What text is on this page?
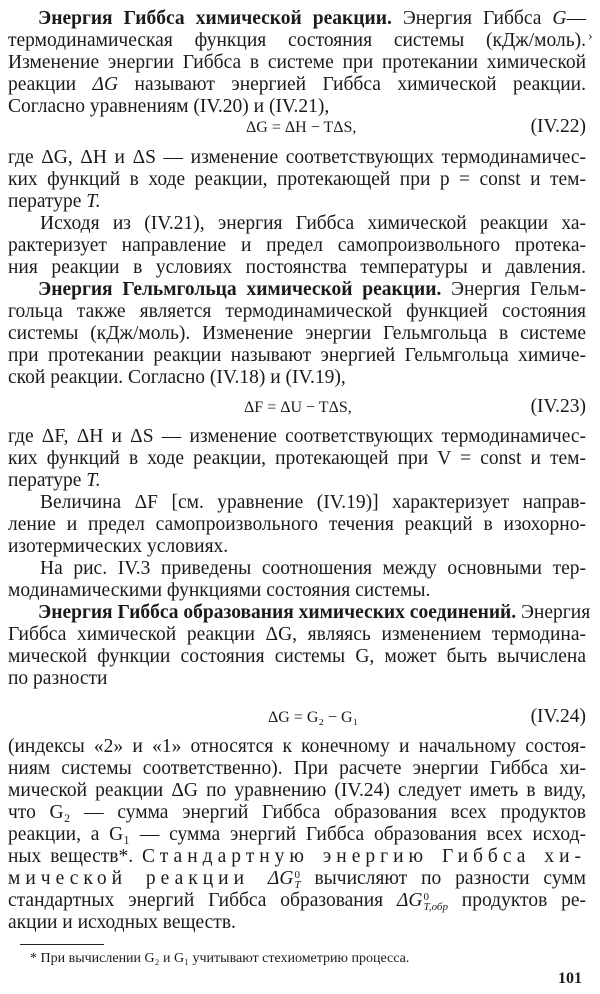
›
Энергия Гиббса химической реакции. Энергия Гиббса G—
термодинамическая функция состояния системы (кДж/моль).
Изменение энергии Гиббса в системе при протекании химической
реакции ΔG называют энергией Гиббса химической реакции.
Согласно уравнениям (IV.20) и (IV.21),
ΔG = ΔH − TΔS,	(IV.22)
где ΔG, ΔH и ΔS — изменение соответствующих термодинамичес-
ких функций в ходе реакции, протекающей при p = const и тем-
пературе T.
Исходя из (IV.21), энергия Гиббса химической реакции ха-
рактеризует направление и предел самопроизвольного протека-
ния реакции в условиях постоянства температуры и давления.
Энергия Гельмгольца химической реакции. Энергия Гельм-
гольца также является термодинамической функцией состояния
системы (кДж/моль). Изменение энергии Гельмгольца в системе
при протекании реакции называют энергией Гельмгольца химиче-
ской реакции. Согласно (IV.18) и (IV.19),
ΔF = ΔU − TΔS,	(IV.23)
где ΔF, ΔH и ΔS — изменение соответствующих термодинамичес-
ких функций в ходе реакции, протекающей при V = const и тем-
пературе T.
Величина ΔF [см. уравнение (IV.19)] характеризует направ-
ление и предел самопроизвольного течения реакций в изохорно-
изотермических условиях.
На рис. IV.3 приведены соотношения между основными тер-
модинамическими функциями состояния системы.
Энергия Гиббса образования химических соединений. Энергия
Гиббса химической реакции ΔG, являясь изменением термодина-
мической функции состояния системы G, может быть вычислена
по разности
ΔG = G₂ − G₁	(IV.24)
(индексы «2» и «1» относятся к конечному и начальному состоя-
ниям системы соответственно). При расчете энергии Гиббса хи-
мической реакции ΔG по уравнению (IV.24) следует иметь в виду,
что G₂ — сумма энергий Гиббса образования всех продуктов
реакции, а G₁ — сумма энергий Гиббса образования всех исход-
ных веществ*. Стандартную энергию Гиббса хи-
мической реакции ΔG 0
T вычисляют по разности сумм
стандартных энергий Гиббса образования ΔG 0
T,обр продуктов ре-
акции и исходных веществ.
* При вычислении G₂ и G₁ учитывают стехиометрию процесса.
101
